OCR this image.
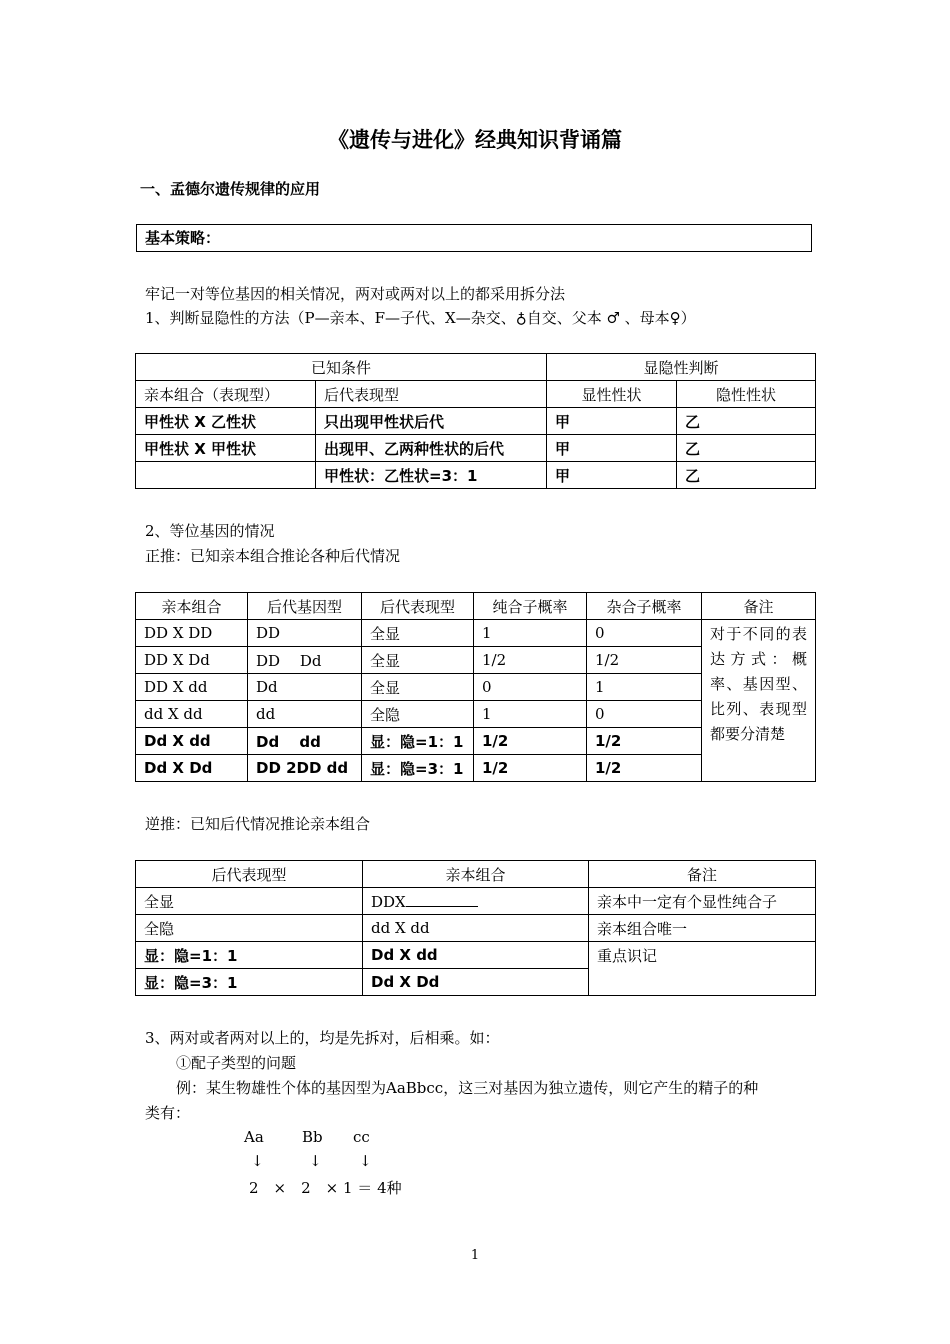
《遗传与进化》经典知识背诵篇
一、孟德尔遗传规律的应用
基本策略：
牢记一对等位基因的相关情况，两对或两对以上的都采用拆分法
1、判断显隐性的方法（P—亲本、F—子代、X—杂交、♁自交、父本 ♂ 、母本♀）
已知条件		显隐性判断	
亲本组合（表现型）	后代表现型	显性性状	隐性性状
甲性状 X 乙性状	只出现甲性状后代	甲	乙
甲性状 X 甲性状	出现甲、乙两种性状的后代	甲	乙
	甲性状：乙性状=3：1	甲	乙
2、等位基因的情况
正推：已知亲本组合推论各种后代情况
亲本组合	后代基因型	后代表现型	纯合子概率	杂合子概率	备注
DD X DD	DD	全显	1	0	对于不同的表达方式：概率、基因型、比列、表现型都要分清楚
DD X Dd	DD　 Dd	全显	1/2	1/2	
DD X dd	Dd	全显	0	1	
dd X dd	dd	全隐	1	0	
Dd X dd	Dd　 dd	显：隐=1：1	1/2	1/2	
Dd X Dd	DD 2DD dd	显：隐=3：1	1/2	1/2	
逆推：已知后代情况推论亲本组合
后代表现型	亲本组合	备注
全显	DDX	亲本中一定有个显性纯合子
全隐	dd X dd	亲本组合唯一
显：隐=1：1	Dd X dd	重点识记
显：隐=3：1	Dd X Dd	
3、两对或者两对以上的，均是先拆对，后相乘。如：
①配子类型的问题
例：某生物雄性个体的基因型为AaBbcc，这三对基因为独立遗传，则它产生的精子的种
类有：
Aa	Bb cc
↓	↓ ↓
2　×　2　× 1 ＝ 4种
1
